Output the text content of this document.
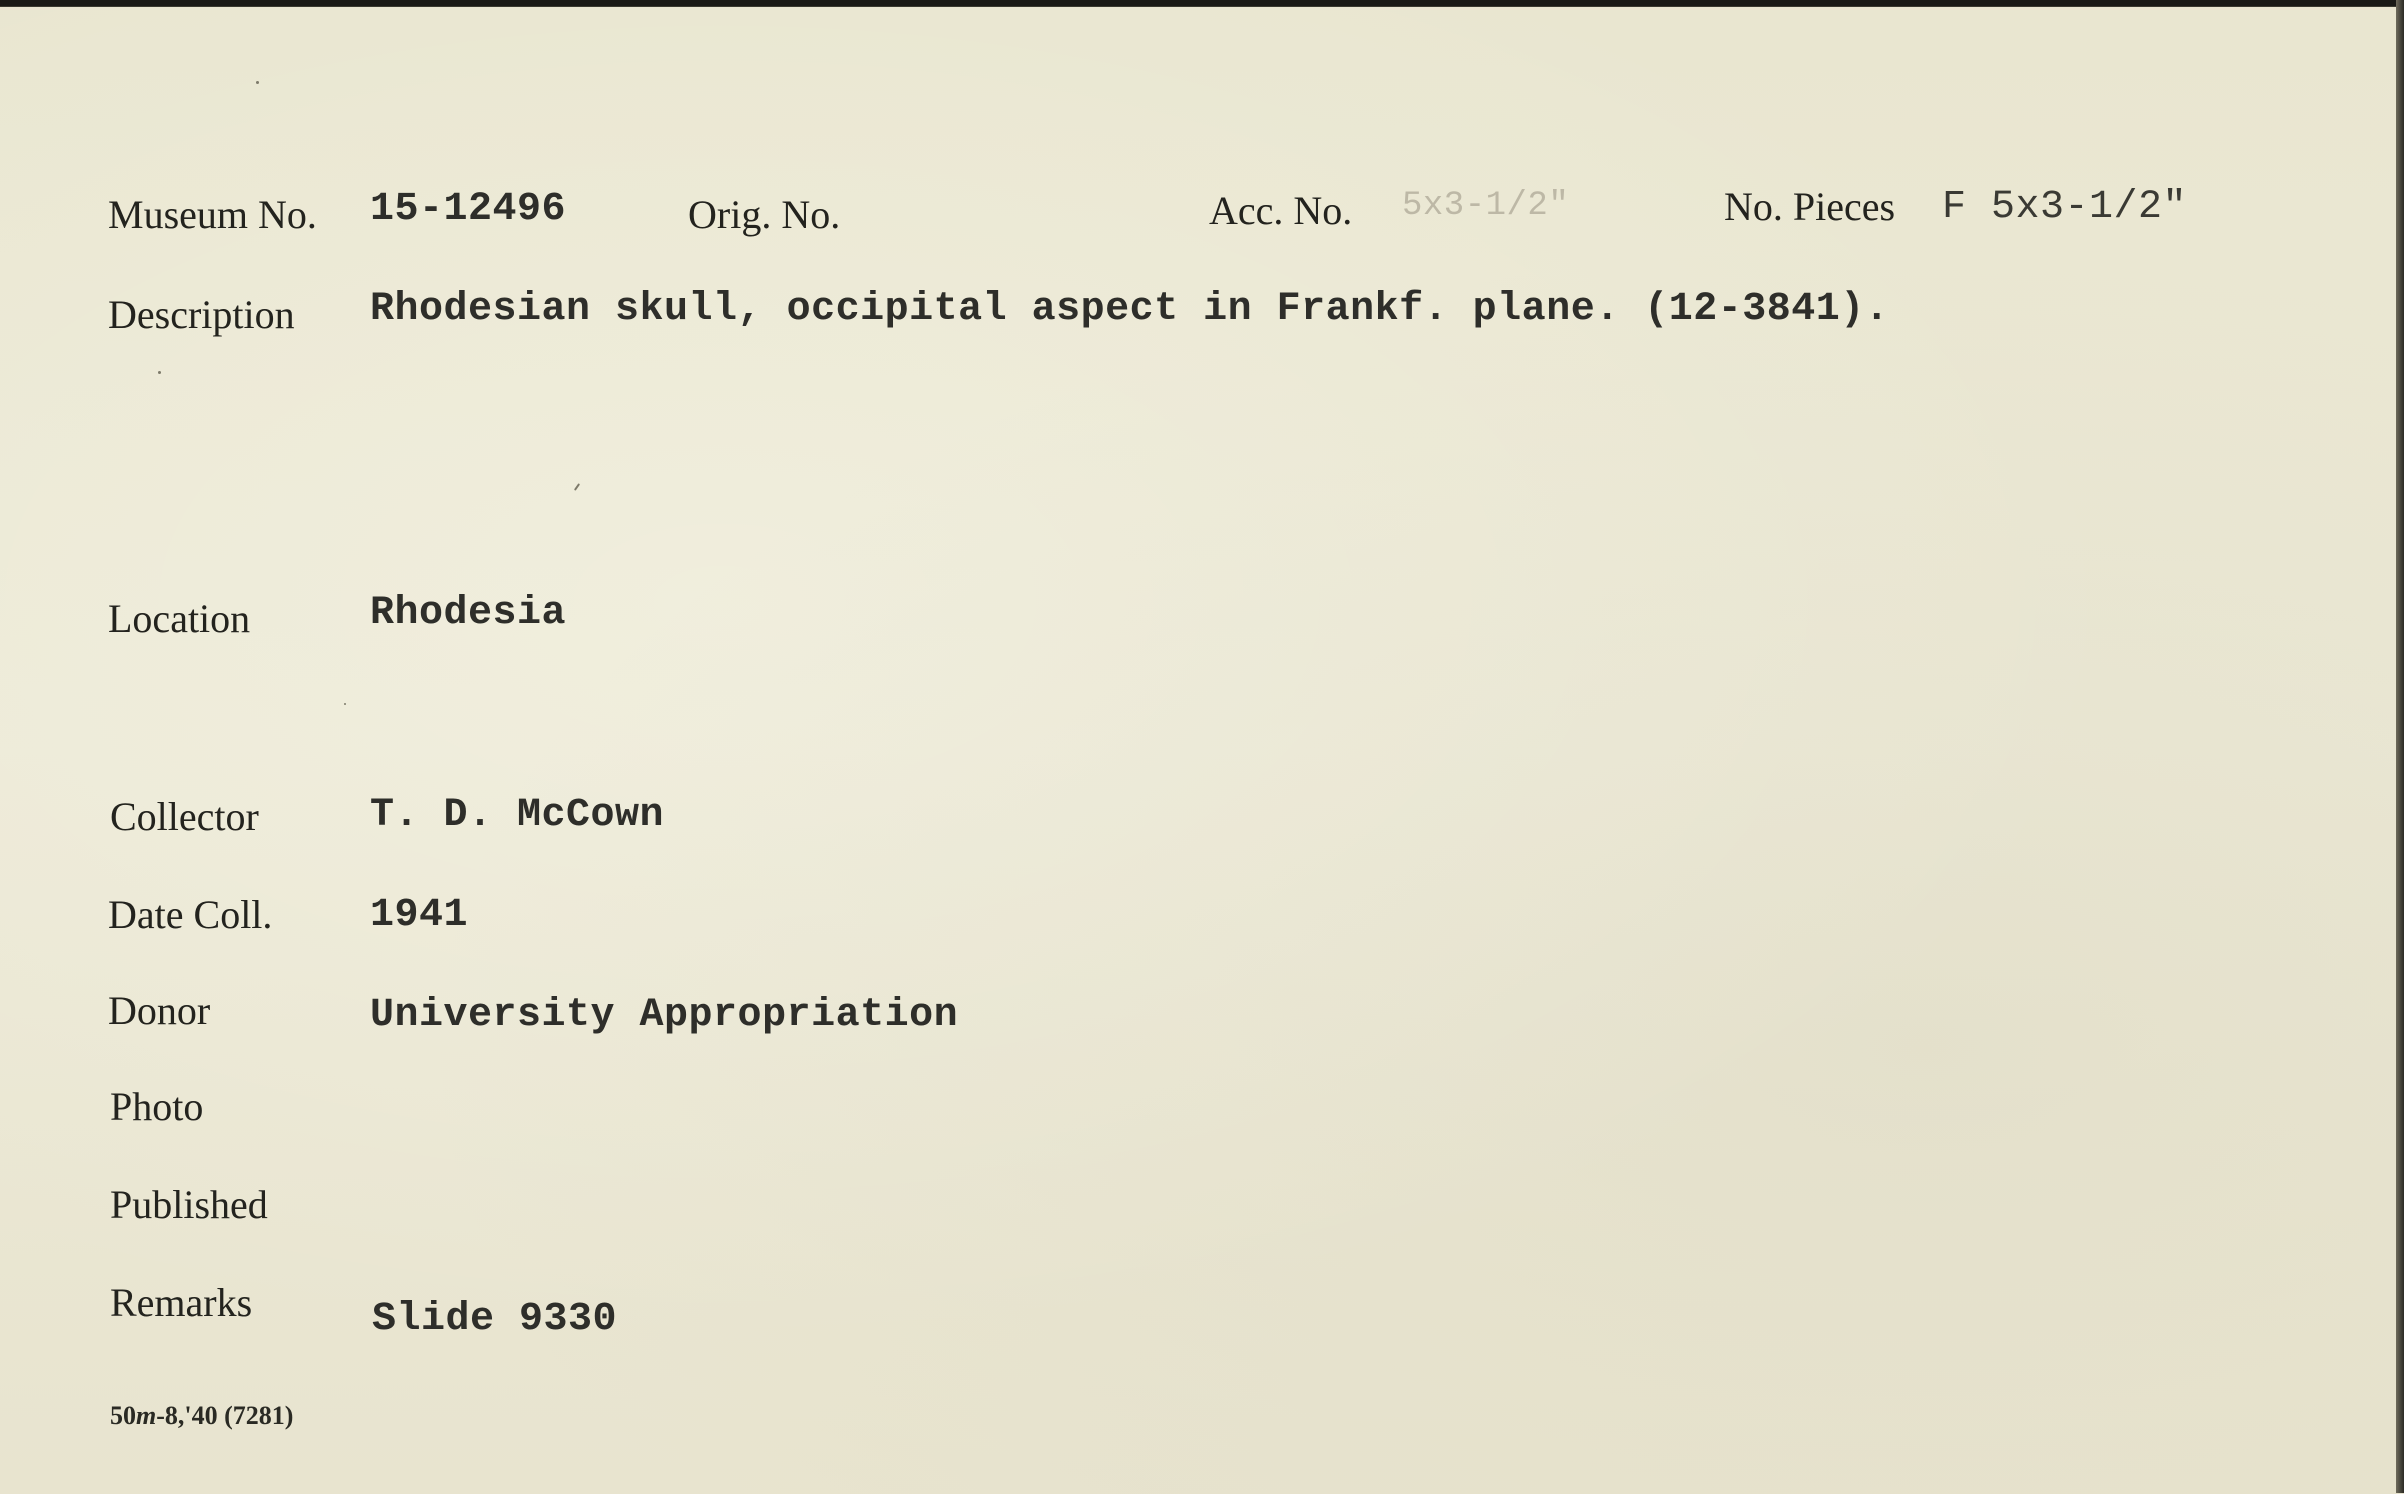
Museum No. 15-12496	Orig. No.	Acc. No. 5x3-1/2"	No. Pieces F 5x3-1/2"
Description Rhodesian skull, occipital aspect in Frankf. plane. (12-3841).
Location	Rhodesia
Collector	T. D. McCown
Date Coll. 1941
Donor	University Appropriation
Photo
Published
Remarks	Slide 9330
50m-8,'40 (7281)
